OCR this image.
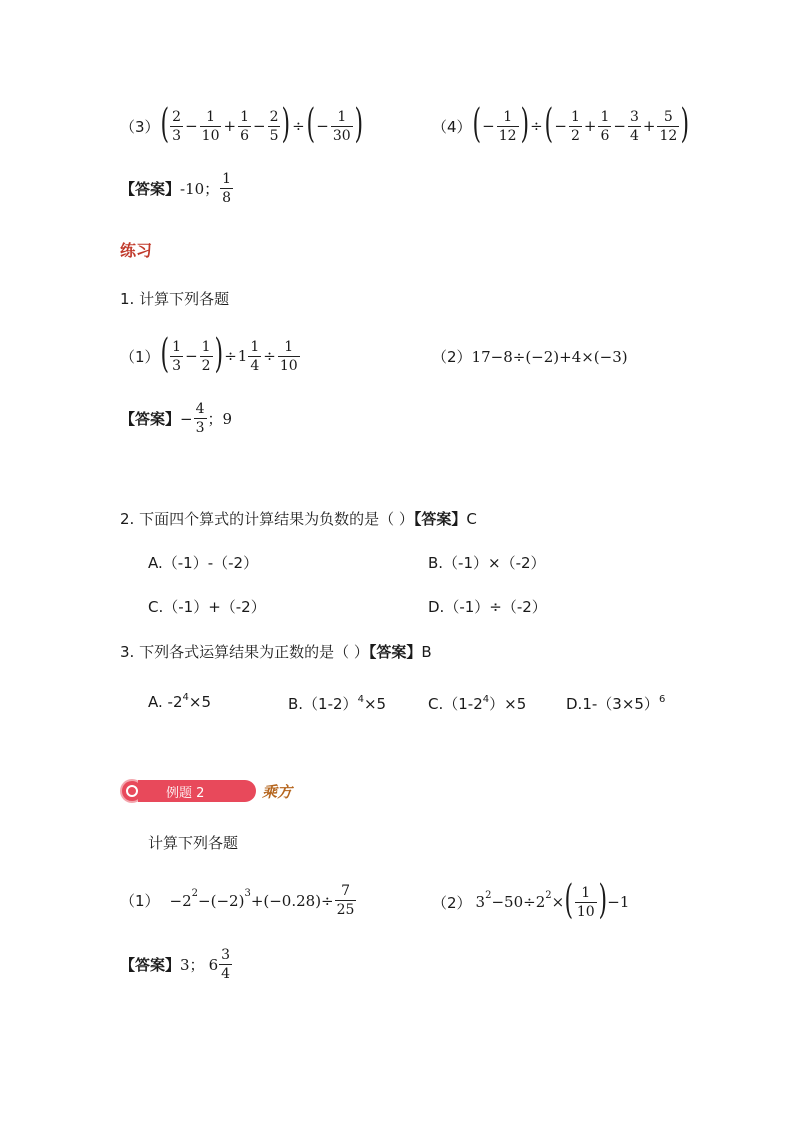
（3） ( $\frac{2}{3} - \frac{1}{10} + \frac{1}{6} - \frac{2}{5}$ ) ÷ ( − $\frac{1}{30}$ )	（4） ( − $\frac{1}{12}$ ) ÷ ( − $\frac{1}{2} + \frac{1}{6} - \frac{3}{4} + \frac{5}{12}$ )
【答案】 -10； $\frac{1}{8}$
练习
1. 计算下列各题
（1） ( $\frac{1}{3} - \frac{1}{2}$ ) ÷ $1 \frac{1}{4} \div \frac{1}{10}$	（2） 17−8÷(−2)+4×(−3)
【答案】 − $\frac{4}{3}$ ；9
2. 下面四个算式的计算结果为负数的是（ ）【答案】C
A.（-1）-（-2）	B.（-1）×（-2）
C.（-1）+（-2）	D.（-1）÷（-2）
3. 下列各式运算结果为正数的是（ ）【答案】B
A. $-2^4\times 5$	$B.(1-2)^4\times 5$	$C.(1-2^4)\times 5$	$D.1-(3\times 5)^6$
例题 2	乘方
计算下列各题
（1） −2 2 −(−2) $3 +(-0.28)\div \frac{7}{25}$	（2） 3 2 −50÷2 2 × ( $\frac{1}{10}$ ) −1
【答案】 3； $6 \frac{3}{4}$
